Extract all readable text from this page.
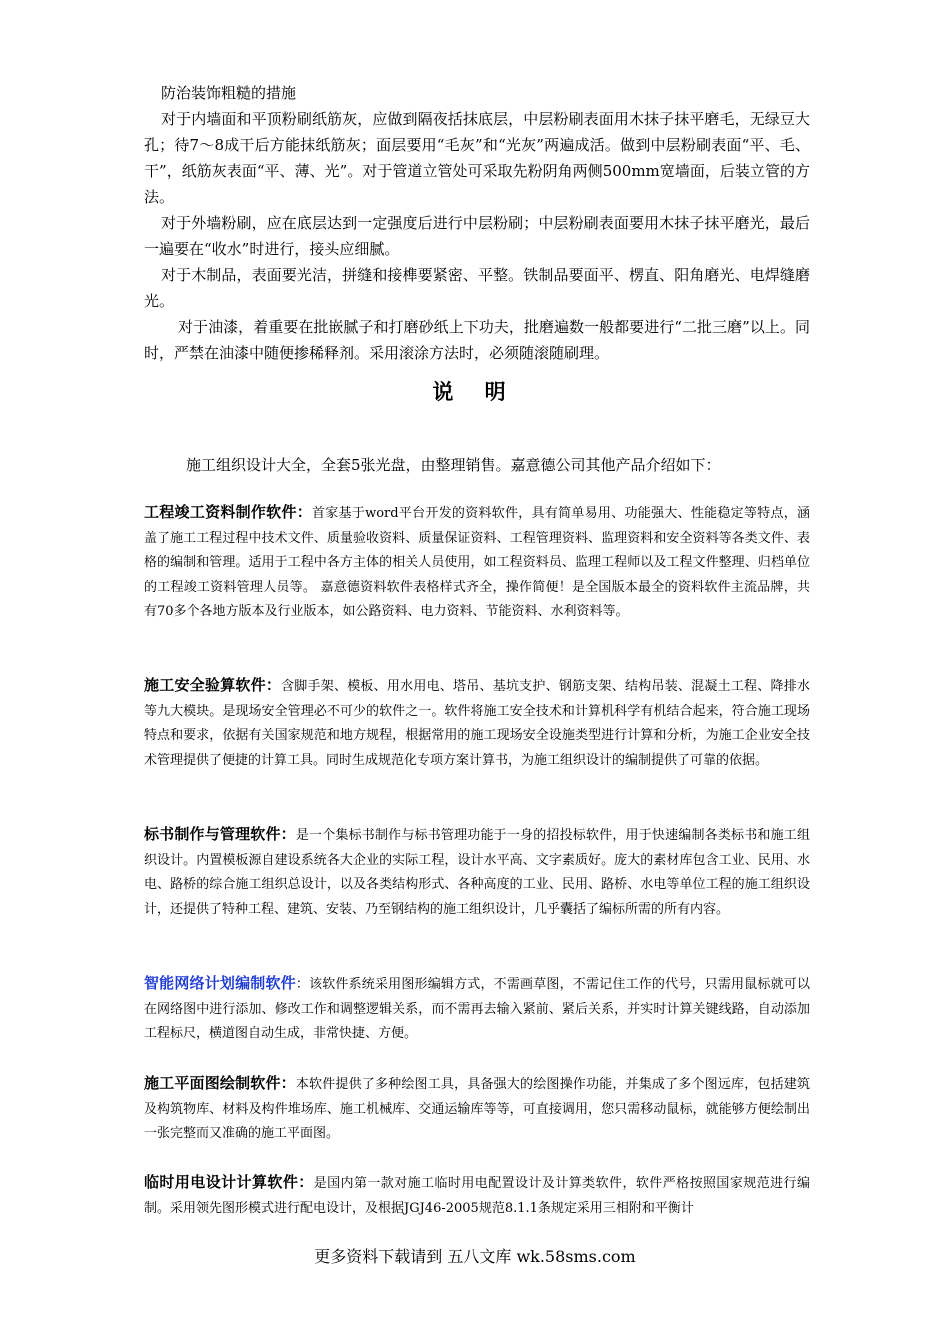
防治装饰粗糙的措施

对于内墙面和平顶粉刷纸筋灰，应做到隔夜括抹底层，中层粉刷表面用木抹子抹平磨毛，无绿豆大孔；待7～8成干后方能抹纸筋灰；面层要用“毛灰”和“光灰”两遍成活。做到中层粉刷表面“平、毛、干”，纸筋灰表面“平、薄、光”。对于管道立管处可采取先粉阴角两侧500mm宽墙面，后装立管的方法。

对于外墙粉刷，应在底层达到一定强度后进行中层粉刷；中层粉刷表面要用木抹子抹平磨光，最后一遍要在“收水”时进行，接头应细腻。

对于木制品，表面要光洁，拼缝和接榫要紧密、平整。铁制品要面平、楞直、阳角磨光、电焊缝磨光。

对于油漆，着重要在批嵌腻子和打磨砂纸上下功夫，批磨遍数一般都要进行“二批三磨”以上。同时，严禁在油漆中随便掺稀释剂。采用滚涂方法时，必须随滚随刷理。

说 明
施工组织设计大全，全套5张光盘，由整理销售。嘉意德公司其他产品介绍如下：
工程竣工资料制作软件：首家基于word平台开发的资料软件，具有简单易用、功能强大、性能稳定等特点，涵盖了施工工程过程中技术文件、质量验收资料、质量保证资料、工程管理资料、监理资料和安全资料等各类文件、表格的编制和管理。适用于工程中各方主体的相关人员使用，如工程资料员、监理工程师以及工程文件整理、归档单位的工程竣工资料管理人员等。 嘉意德资料软件表格样式齐全，操作简便！是全国版本最全的资料软件主流品牌，共有70多个各地方版本及行业版本，如公路资料、电力资料、节能资料、水利资料等。
施工安全验算软件：含脚手架、模板、用水用电、塔吊、基坑支护、钢筋支架、结构吊装、混凝土工程、降排水等九大模块。是现场安全管理必不可少的软件之一。软件将施工安全技术和计算机科学有机结合起来，符合施工现场特点和要求，依据有关国家规范和地方规程，根据常用的施工现场安全设施类型进行计算和分析，为施工企业安全技术管理提供了便捷的计算工具。同时生成规范化专项方案计算书，为施工组织设计的编制提供了可靠的依据。
标书制作与管理软件：是一个集标书制作与标书管理功能于一身的招投标软件，用于快速编制各类标书和施工组织设计。内置模板源自建设系统各大企业的实际工程，设计水平高、文字素质好。庞大的素材库包含工业、民用、水电、路桥的综合施工组织总设计，以及各类结构形式、各种高度的工业、民用、路桥、水电等单位工程的施工组织设计，还提供了特种工程、建筑、安装、乃至钢结构的施工组织设计，几乎囊括了编标所需的所有内容。
智能网络计划编制软件：该软件系统采用图形编辑方式，不需画草图，不需记住工作的代号，只需用鼠标就可以在网络图中进行添加、修改工作和调整逻辑关系，而不需再去输入紧前、紧后关系，并实时计算关键线路，自动添加工程标尺，横道图自动生成，非常快捷、方便。
施工平面图绘制软件：本软件提供了多种绘图工具，具备强大的绘图操作功能，并集成了多个图远库，包括建筑及构筑物库、材料及构件堆场库、施工机械库、交通运输库等等，可直接调用，您只需移动鼠标，就能够方便绘制出一张完整而又准确的施工平面图。
临时用电设计计算软件：是国内第一款对施工临时用电配置设计及计算类软件，软件严格按照国家规范进行编制。采用领先图形模式进行配电设计，及根据JGJ46-2005规范8.1.1条规定采用三相附和平衡计
更多资料下载请到 五八文库 wk.58sms.com
